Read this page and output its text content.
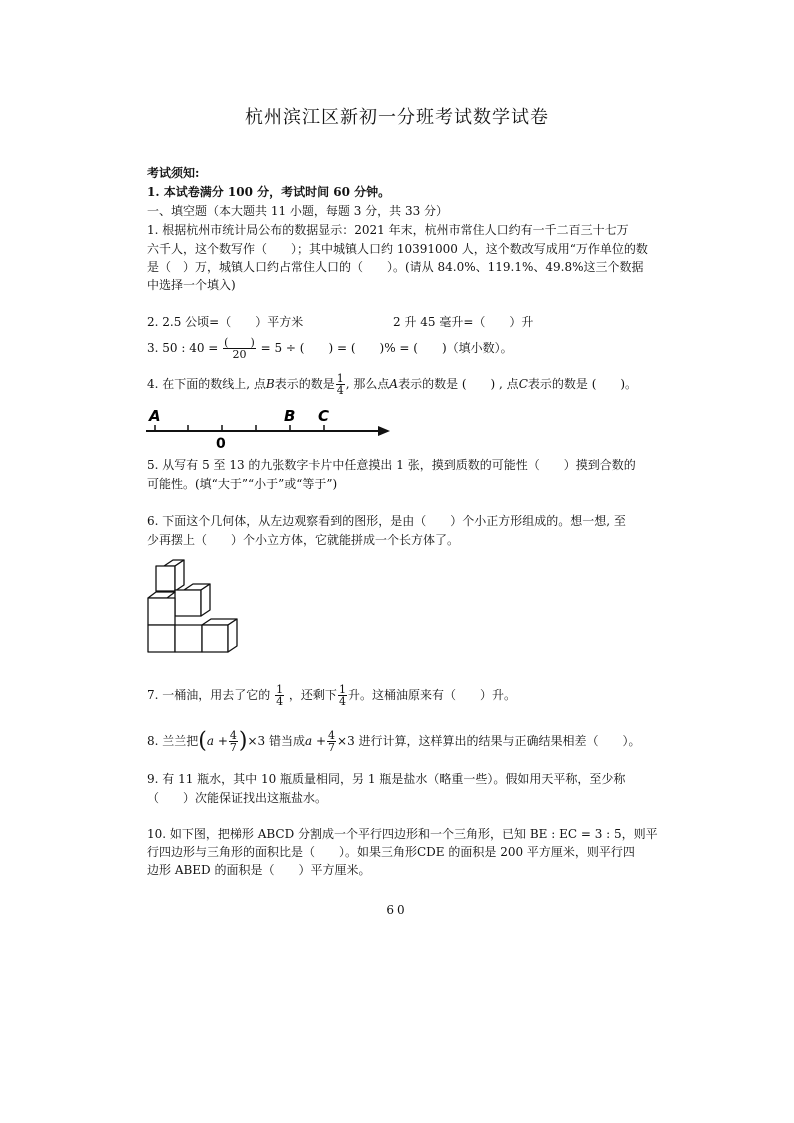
杭州滨江区新初一分班考试数学试卷
考试须知:
1. 本试卷满分 100 分，考试时间 60 分钟。
一、填空题（本大题共 11 小题，每题 3 分，共 33 分）
1. 根据杭州市统计局公布的数据显示：2021 年末，杭州市常住人口约有一千二百三十七万
六千人，这个数写作（　　）；其中城镇人口约 10391000 人，这个数改写成用“万作单位的数
是（　）万，城镇人口约占常住人口的（　　）。(请从 84.0%、119.1%、49.8%这三个数据
中选择一个填入)
2. 2.5 公顷=（　　）平方米	2 升 45 毫升=（　　）升
3. 50 : $40 = \frac{( )}{20} = 5$ ÷ (　　) = (　　)% = (　　)（填小数）。
4. 在下面的数线上, 点B表示的数是 $\frac{1}{4}$ , 那么点A表示的数是 (　　) , 点C表示的数是 (　　)。
A	B C
0
5. 从写有 5 至 13 的九张数字卡片中任意摸出 1 张，摸到质数的可能性（　　）摸到合数的
可能性。(填“大于”“小于”或“等于”)
6. 下面这个几何体，从左边观察看到的图形，是由（　　）个小正方形组成的。想一想, 至
少再摆上（　　）个小立方体，它就能拼成一个长方体了。
7. 一桶油，用去了它的 $\frac{1}{4}$ ，还剩下 $\frac{1}{4}$ 升。这桶油原来有（　　）升。
8. 兰兰把$(a + \frac{4}{7} )\times 3$ 错当成$a + \frac{4}{7} \times 3$ 进行计算，这样算出的结果与正确结果相差（　　）。
9. 有 11 瓶水，其中 10 瓶质量相同，另 1 瓶是盐水（略重一些）。假如用天平称，至少称
（　　）次能保证找出这瓶盐水。
10. 如下图，把梯形 ABCD 分割成一个平行四边形和一个三角形，已知 BE : EC = 3 : 5，则平
行四边形与三角形的面积比是（　　）。如果三角形CDE 的面积是 200 平方厘米，则平行四
边形 ABED 的面积是（　　）平方厘米。
60
